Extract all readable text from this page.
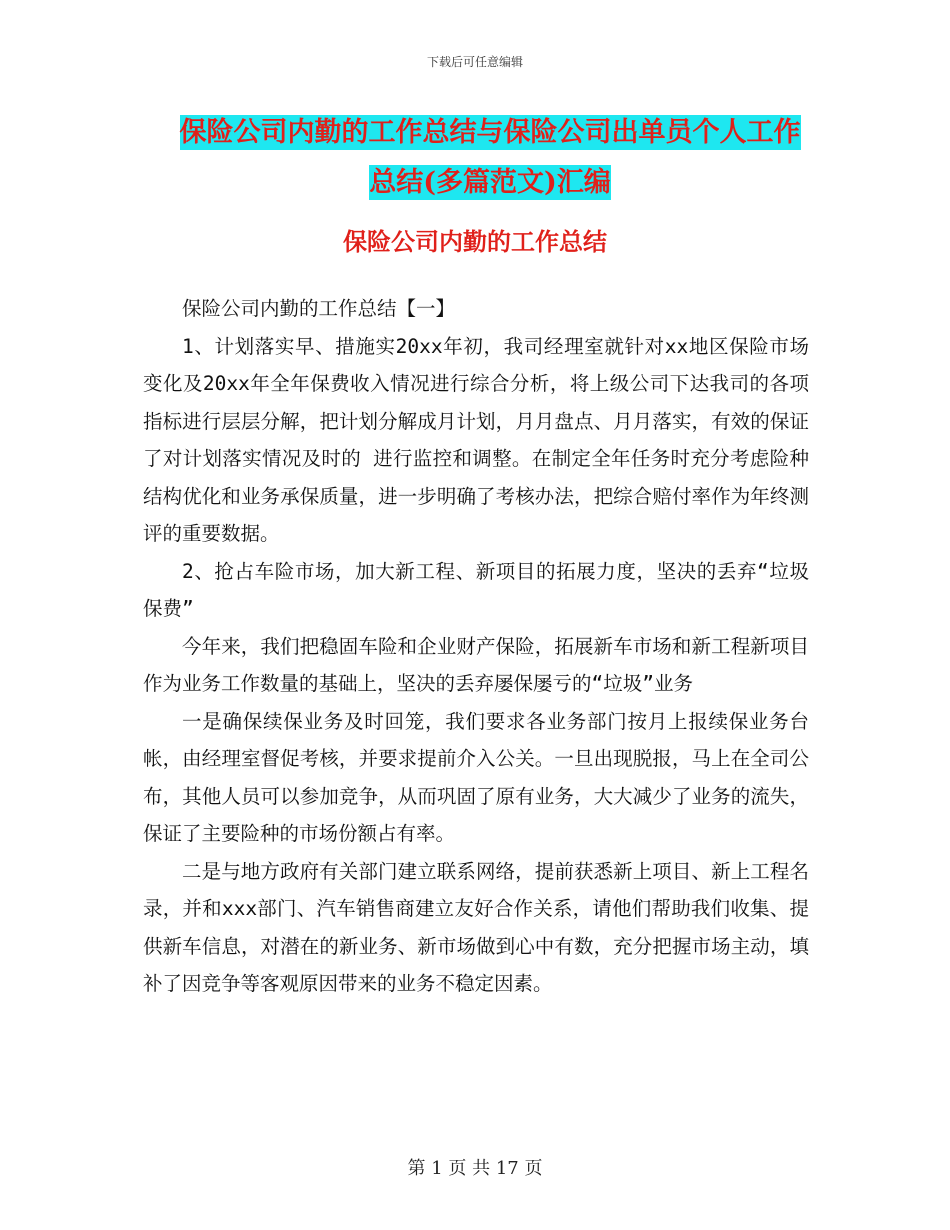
下载后可任意编辑
保险公司内勤的工作总结与保险公司出单员个人工作
总结(多篇范文)汇编
保险公司内勤的工作总结

保险公司内勤的工作总结【一】

1、计划落实早、措施实20xx年初，我司经理室就针对xx地区保险市场变化及20xx年全年保费收入情况进行综合分析，将上级公司下达我司的各项指标进行层层分解，把计划分解成月计划，月月盘点、月月落实，有效的保证了对计划落实情况及时的 进行监控和调整。在制定全年任务时充分考虑险种结构优化和业务承保质量，进一步明确了考核办法，把综合赔付率作为年终测评的重要数据。

2、抢占车险市场，加大新工程、新项目的拓展力度，坚决的丢弃“垃圾保费”

今年来，我们把稳固车险和企业财产保险，拓展新车市场和新工程新项目作为业务工作数量的基础上，坚决的丢弃屡保屡亏的“垃圾”业务

一是确保续保业务及时回笼，我们要求各业务部门按月上报续保业务台帐，由经理室督促考核，并要求提前介入公关。一旦出现脱报，马上在全司公布，其他人员可以参加竞争，从而巩固了原有业务，大大减少了业务的流失，保证了主要险种的市场份额占有率。

二是与地方政府有关部门建立联系网络，提前获悉新上项目、新上工程名录，并和xxx部门、汽车销售商建立友好合作关系，请他们帮助我们收集、提供新车信息，对潜在的新业务、新市场做到心中有数，充分把握市场主动，填补了因竞争等客观原因带来的业务不稳定因素。

第 1 页 共 17 页
